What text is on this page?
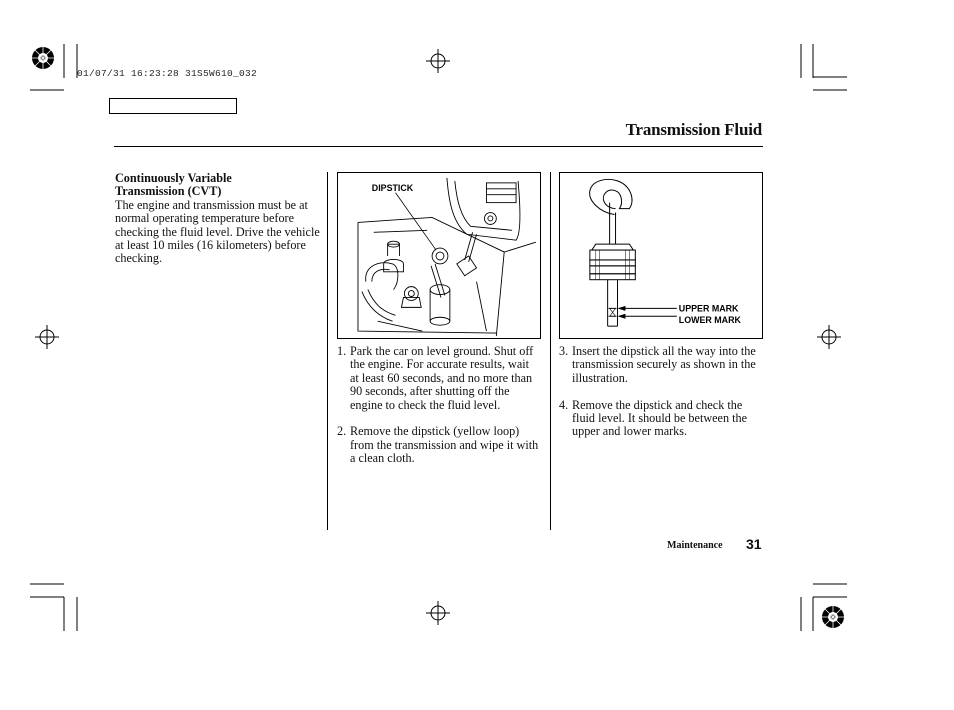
01/07/31 16:23:28 31S5W610_032
Transmission Fluid
Continuously Variable
Transmission (CVT)
The engine and transmission must be at normal operating temperature before checking the fluid level. Drive the vehicle at least 10 miles (16 kilometers) before checking.
DIPSTICK
UPPER MARK
LOWER MARK
1. Park the car on level ground. Shut off the engine. For accurate results, wait at least 60 seconds, and no more than 90 seconds, after shutting off the engine to check the fluid level.
2. Remove the dipstick (yellow loop) from the transmission and wipe it with a clean cloth.
3. Insert the dipstick all the way into the transmission securely as shown in the illustration.
4. Remove the dipstick and check the fluid level. It should be between the upper and lower marks.
Maintenance 31
